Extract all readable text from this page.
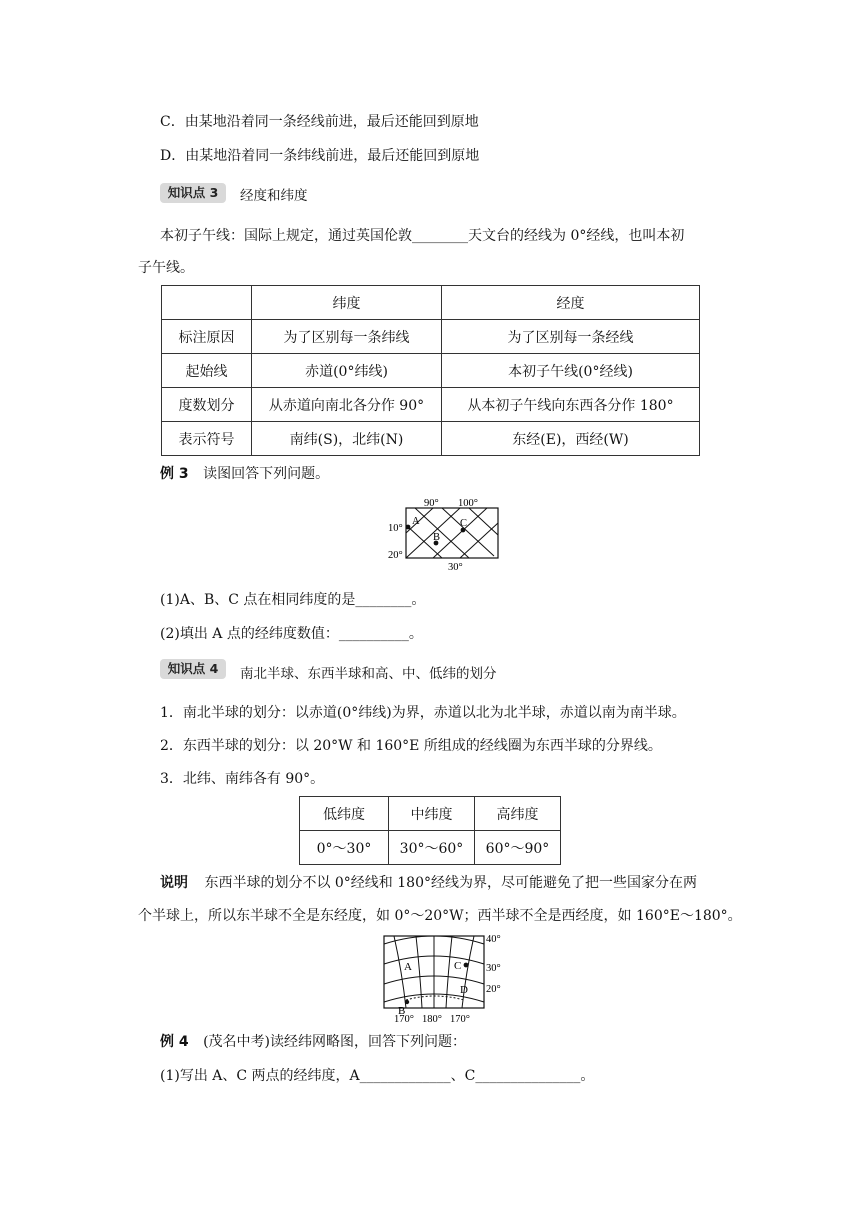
C．由某地沿着同一条经线前进，最后还能回到原地
D．由某地沿着同一条纬线前进，最后还能回到原地
知识点 3	经度和纬度
本初子午线：国际上规定，通过英国伦敦________天文台的经线为 0°经线，也叫本初
子午线。
	纬度	经度
标注原因	为了区别每一条纬线	为了区别每一条经线
起始线	赤道(0°纬线)	本初子午线(0°经线)
度数划分	从赤道向南北各分作 90°	从本初子午线向东西各分作 180°
表示符号	南纬(S)，北纬(N)	东经(E)，西经(W)
例 3 读图回答下列问题。
90° 100°
10°
20°
30°
A
B
C
(1)A、B、C 点在相同纬度的是________。
(2)填出 A 点的经纬度数值：__________。
知识点 4	南北半球、东西半球和高、中、低纬的划分
1．南北半球的划分：以赤道(0°纬线)为界，赤道以北为北半球，赤道以南为南半球。
2．东西半球的划分：以 20°W 和 160°E 所组成的经线圈为东西半球的分界线。
3．北纬、南纬各有 90°。
低纬度	中纬度	高纬度
0°～30°	30°～60°	60°～90°
说明 东西半球的划分不以 0°经线和 180°经线为界，尽可能避免了把一些国家分在两
个半球上，所以东半球不全是东经度，如 0°～20°W；西半球不全是西经度，如 160°E～180°。
40°
30°
20°
170° 180° 170°
A
B
C
D
例 4 (茂名中考)读经纬网略图，回答下列问题：
(1)写出 A、C 两点的经纬度，A_____________、C_______________。
